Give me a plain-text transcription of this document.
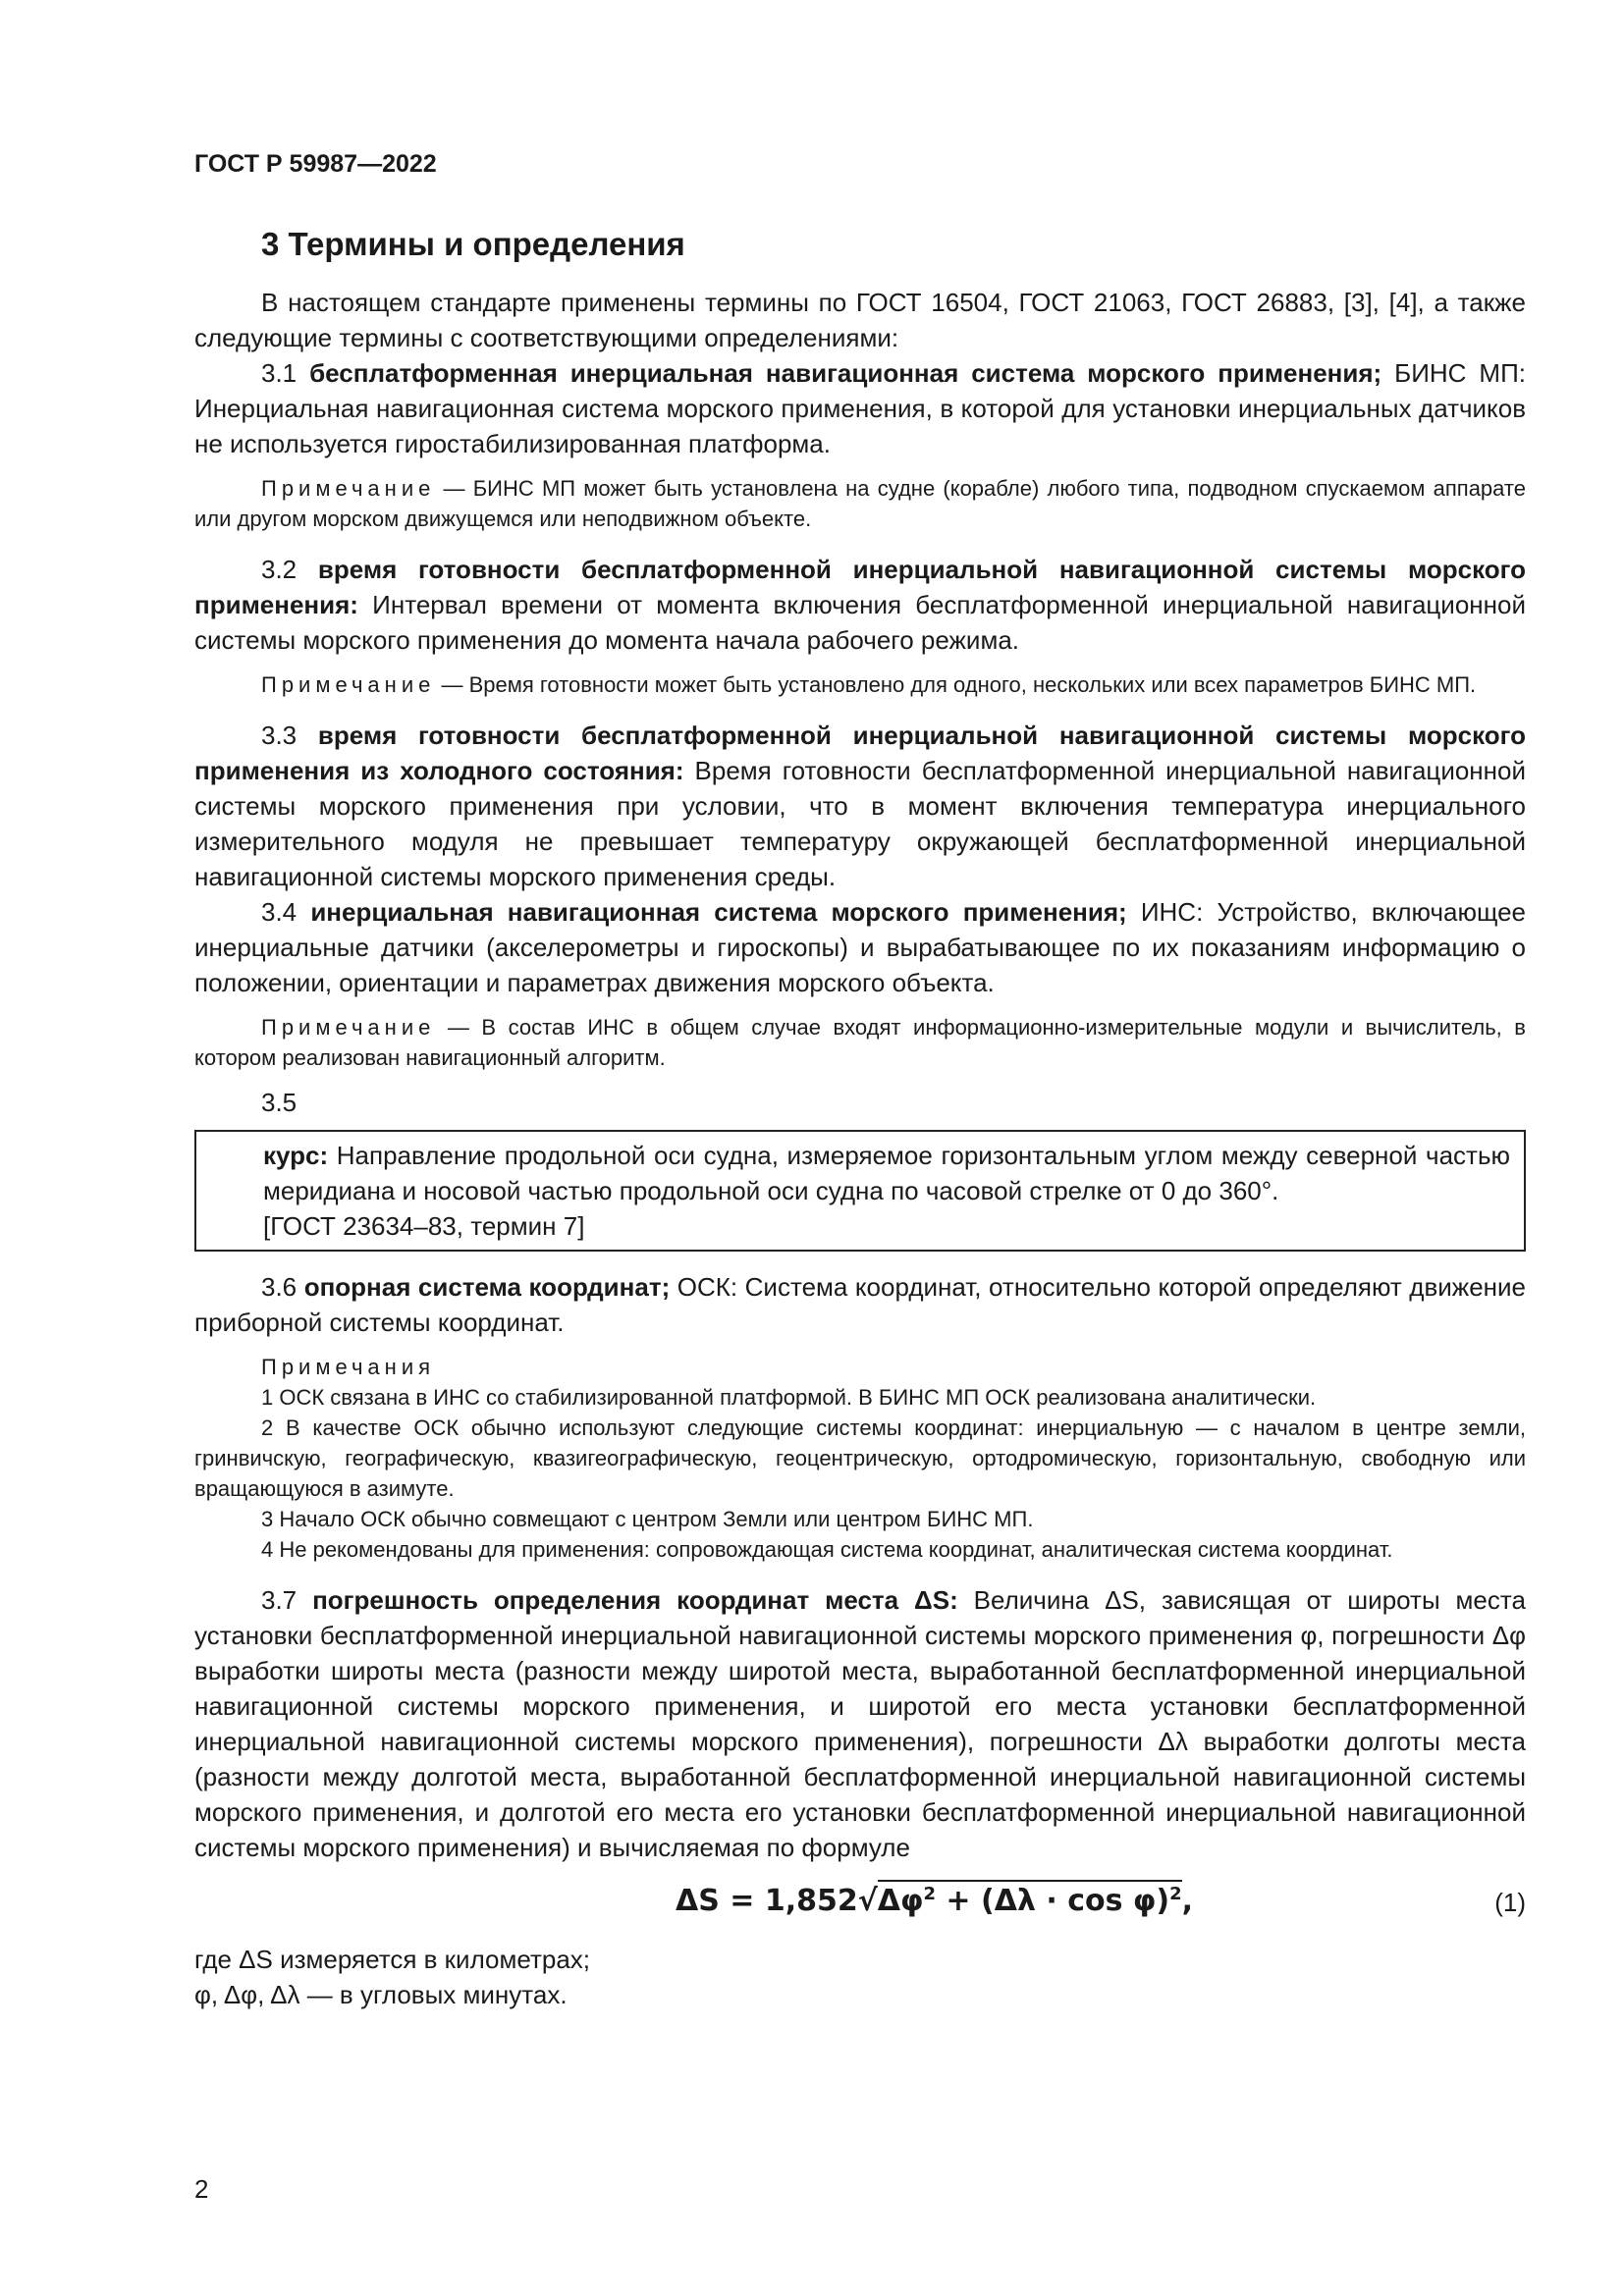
ГОСТ Р 59987—2022
3 Термины и определения

В настоящем стандарте применены термины по ГОСТ 16504, ГОСТ 21063, ГОСТ 26883, [3], [4], а также следующие термины с соответствующими определениями:

3.1 бесплатформенная инерциальная навигационная система морского применения; БИНС МП: Инерциальная навигационная система морского применения, в которой для установки инерциальных датчиков не используется гиростабилизированная платформа.

Примечание — БИНС МП может быть установлена на судне (корабле) любого типа, подводном спускаемом аппарате или другом морском движущемся или неподвижном объекте.

3.2 время готовности бесплатформенной инерциальной навигационной системы морского применения: Интервал времени от момента включения бесплатформенной инерциальной навигационной системы морского применения до момента начала рабочего режима.

Примечание — Время готовности может быть установлено для одного, нескольких или всех параметров БИНС МП.

3.3 время готовности бесплатформенной инерциальной навигационной системы морского применения из холодного состояния: Время готовности бесплатформенной инерциальной навигационной системы морского применения при условии, что в момент включения температура инерциального измерительного модуля не превышает температуру окружающей бесплатформенной инерциальной навигационной системы морского применения среды.

3.4 инерциальная навигационная система морского применения; ИНС: Устройство, включающее инерциальные датчики (акселерометры и гироскопы) и вырабатывающее по их показаниям информацию о положении, ориентации и параметрах движения морского объекта.

Примечание — В состав ИНС в общем случае входят информационно-измерительные модули и вычислитель, в котором реализован навигационный алгоритм.

3.5

курс: Направление продольной оси судна, измеряемое горизонтальным углом между северной частью меридиана и носовой частью продольной оси судна по часовой стрелке от 0 до 360°.

[ГОСТ 23634–83, термин 7]

3.6 опорная система координат; ОСК: Система координат, относительно которой определяют движение приборной системы координат.

Примечания

1 ОСК связана в ИНС со стабилизированной платформой. В БИНС МП ОСК реализована аналитически.

2 В качестве ОСК обычно используют следующие системы координат: инерциальную — с началом в центре земли, гринвичскую, географическую, квазигеографическую, геоцентрическую, ортодромическую, горизонтальную, свободную или вращающуюся в азимуте.

3 Начало ОСК обычно совмещают с центром Земли или центром БИНС МП.

4 Не рекомендованы для применения: сопровождающая система координат, аналитическая система координат.

3.7 погрешность определения координат места ΔS: Величина ΔS, зависящая от широты места установки бесплатформенной инерциальной навигационной системы морского применения φ, погрешности Δφ выработки широты места (разности между широтой места, выработанной бесплатформенной инерциальной навигационной системы морского применения, и широтой его места установки бесплатформенной инерциальной навигационной системы морского применения), погрешности Δλ выработки долготы места (разности между долготой места, выработанной бесплатформенной инерциальной навигационной системы морского применения, и долготой его места его установки бесплатформенной инерциальной навигационной системы морского применения) и вычисляемая по формуле

$\Delta S = 1,852√\Delta\varphi^2 + (\Delta\lambda \cdot \cos \varphi)^2$,	(1)

где ΔS измеряется в километрах;

φ, Δφ, Δλ — в угловых минутах.

2
